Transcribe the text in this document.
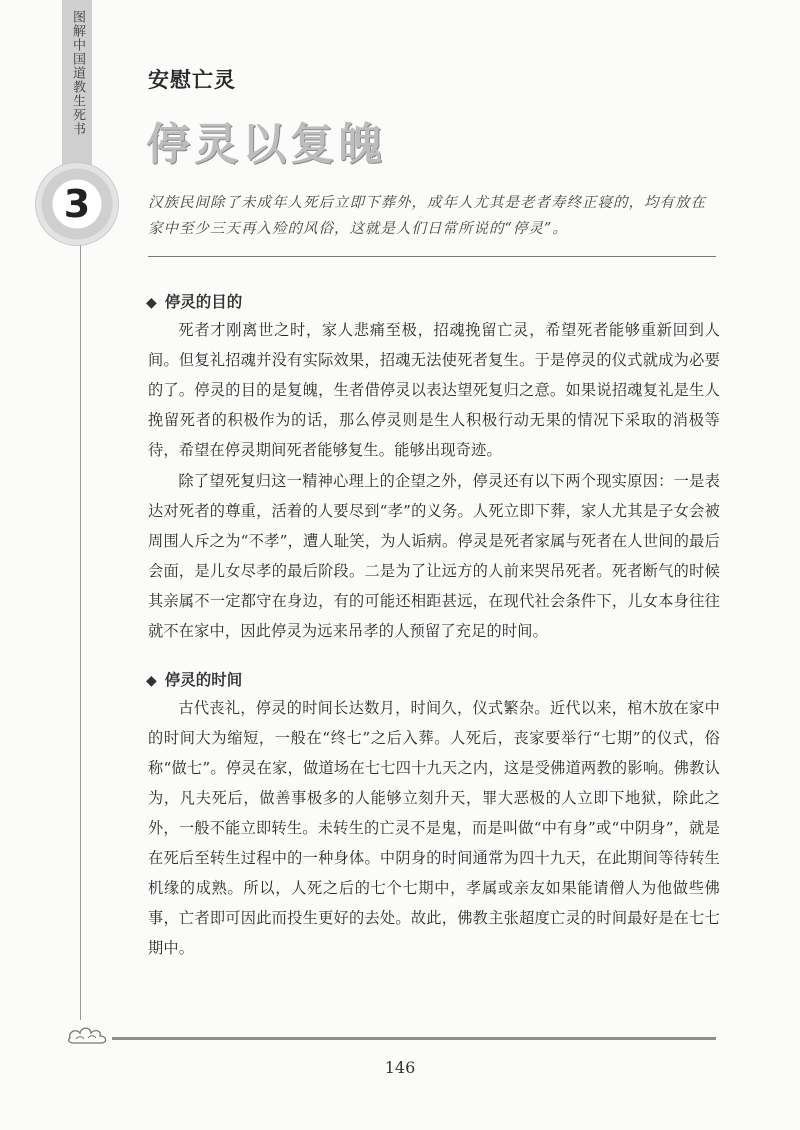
图解中国道教生死书
3
安慰亡灵
停灵以复魄
汉族民间除了未成年人死后立即下葬外，成年人尤其是老者寿终正寝的，均有放在家中至少三天再入殓的风俗，这就是人们日常所说的“停灵”。
◆ 停灵的目的

死者才刚离世之时，家人悲痛至极，招魂挽留亡灵，希望死者能够重新回到人间。但复礼招魂并没有实际效果，招魂无法使死者复生。于是停灵的仪式就成为必要的了。停灵的目的是复魄，生者借停灵以表达望死复归之意。如果说招魂复礼是生人挽留死者的积极作为的话，那么停灵则是生人积极行动无果的情况下采取的消极等待，希望在停灵期间死者能够复生。能够出现奇迹。

除了望死复归这一精神心理上的企望之外，停灵还有以下两个现实原因：一是表达对死者的尊重，活着的人要尽到“孝”的义务。人死立即下葬，家人尤其是子女会被周围人斥之为“不孝”，遭人耻笑，为人诟病。停灵是死者家属与死者在人世间的最后会面，是儿女尽孝的最后阶段。二是为了让远方的人前来哭吊死者。死者断气的时候其亲属不一定都守在身边，有的可能还相距甚远，在现代社会条件下，儿女本身往往就不在家中，因此停灵为远来吊孝的人预留了充足的时间。

◆ 停灵的时间

古代丧礼，停灵的时间长达数月，时间久，仪式繁杂。近代以来，棺木放在家中的时间大为缩短，一般在“终七”之后入葬。人死后，丧家要举行“七期”的仪式，俗称“做七”。停灵在家，做道场在七七四十九天之内，这是受佛道两教的影响。佛教认为，凡夫死后，做善事极多的人能够立刻升天，罪大恶极的人立即下地狱，除此之外，一般不能立即转生。未转生的亡灵不是鬼，而是叫做“中有身”或“中阴身”，就是在死后至转生过程中的一种身体。中阴身的时间通常为四十九天，在此期间等待转生机缘的成熟。所以，人死之后的七个七期中，孝属或亲友如果能请僧人为他做些佛事，亡者即可因此而投生更好的去处。故此，佛教主张超度亡灵的时间最好是在七七期中。

146
